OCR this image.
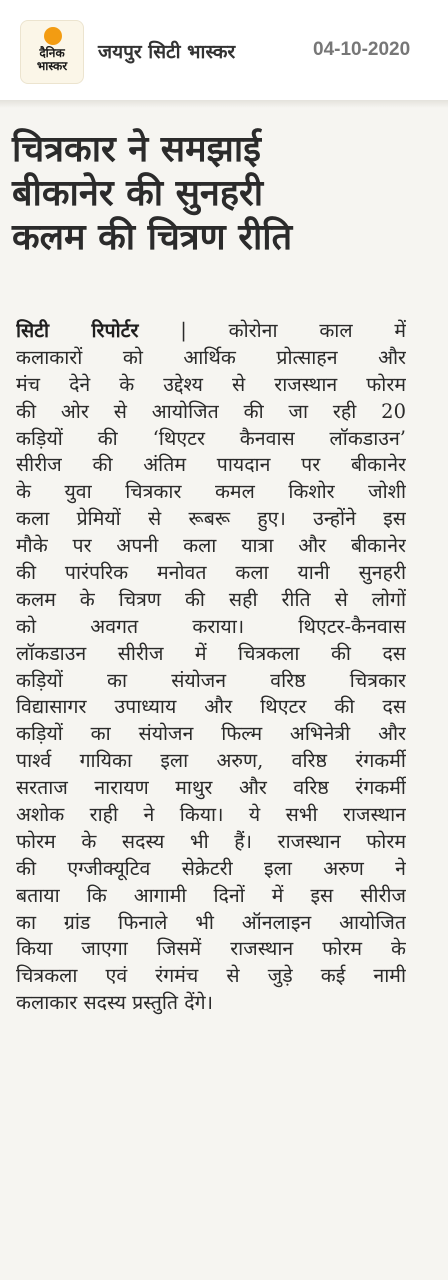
दैनिक
भास्कर
जयपुर सिटी भास्कर	04-10-2020
चित्रकार ने समझाई
बीकानेर की सुनहरी
कलम की चित्रण रीति
सिटी रिपोर्टर | कोरोना काल में
कलाकारों को आर्थिक प्रोत्साहन और
मंच देने के उद्देश्य से राजस्थान फोरम
की ओर से आयोजित की जा रही 20
कड़ियों की ‘थिएटर कैनवास लॉकडाउन’
सीरीज की अंतिम पायदान पर बीकानेर
के युवा चित्रकार कमल किशोर जोशी
कला प्रेमियों से रूबरू हुए। उन्होंने इस
मौके पर अपनी कला यात्रा और बीकानेर
की पारंपरिक मनोवत कला यानी सुनहरी
कलम के चित्रण की सही रीति से लोगों
को अवगत कराया। थिएटर-कैनवास
लॉकडाउन सीरीज में चित्रकला की दस
कड़ियों का संयोजन वरिष्ठ चित्रकार
विद्यासागर उपाध्याय और थिएटर की दस
कड़ियों का संयोजन फिल्म अभिनेत्री और
पार्श्व गायिका इला अरुण, वरिष्ठ रंगकर्मी
सरताज नारायण माथुर और वरिष्ठ रंगकर्मी
अशोक राही ने किया। ये सभी राजस्थान
फोरम के सदस्य भी हैं। राजस्थान फोरम
की एग्जीक्यूटिव सेक्रेटरी इला अरुण ने
बताया कि आगामी दिनों में इस सीरीज
का ग्रांड फिनाले भी ऑनलाइन आयोजित
किया जाएगा जिसमें राजस्थान फोरम के
चित्रकला एवं रंगमंच से जुड़े कई नामी
कलाकार सदस्य प्रस्तुति देंगे।
